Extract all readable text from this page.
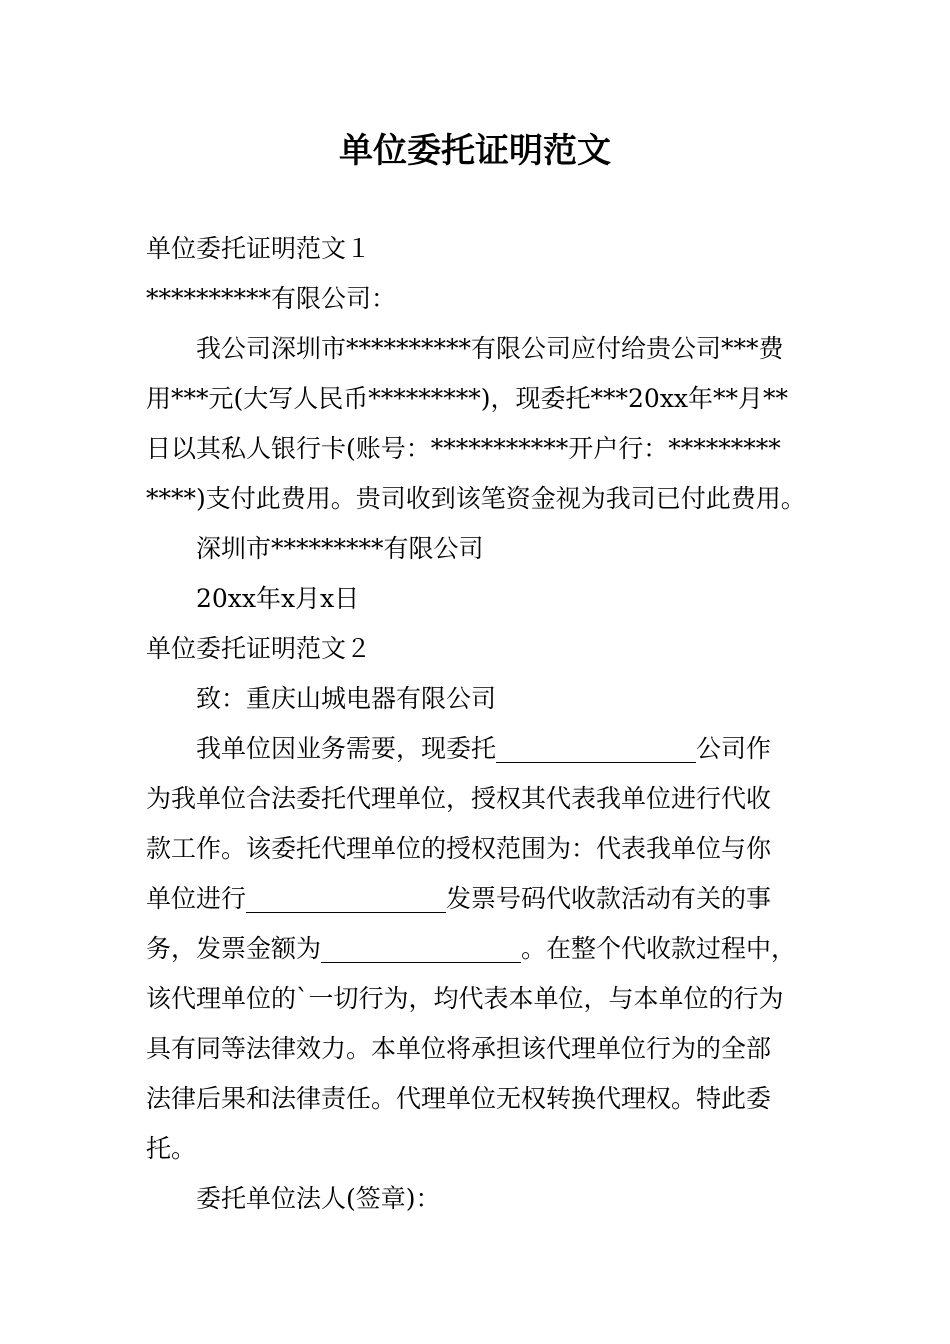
单位委托证明范文

单位委托证明范文１

**********有限公司：

我公司深圳市**********有限公司应付给贵公司***费

用***元(大写人民币*********)，现委托***20xx年**月**

日以其私人银行卡(账号：***********开户行：*********

****)支付此费用。贵司收到该笔资金视为我司已付此费用。

深圳市*********有限公司

20xx年x月x日

单位委托证明范文２

致：重庆山城电器有限公司

我单位因业务需要，现委托________________公司作

为我单位合法委托代理单位，授权其代表我单位进行代收

款工作。该委托代理单位的授权范围为：代表我单位与你

单位进行________________发票号码代收款活动有关的事

务，发票金额为________________。在整个代收款过程中，

该代理单位的`一切行为，均代表本单位，与本单位的行为

具有同等法律效力。本单位将承担该代理单位行为的全部

法律后果和法律责任。代理单位无权转换代理权。特此委

托。

委托单位法人(签章)：
